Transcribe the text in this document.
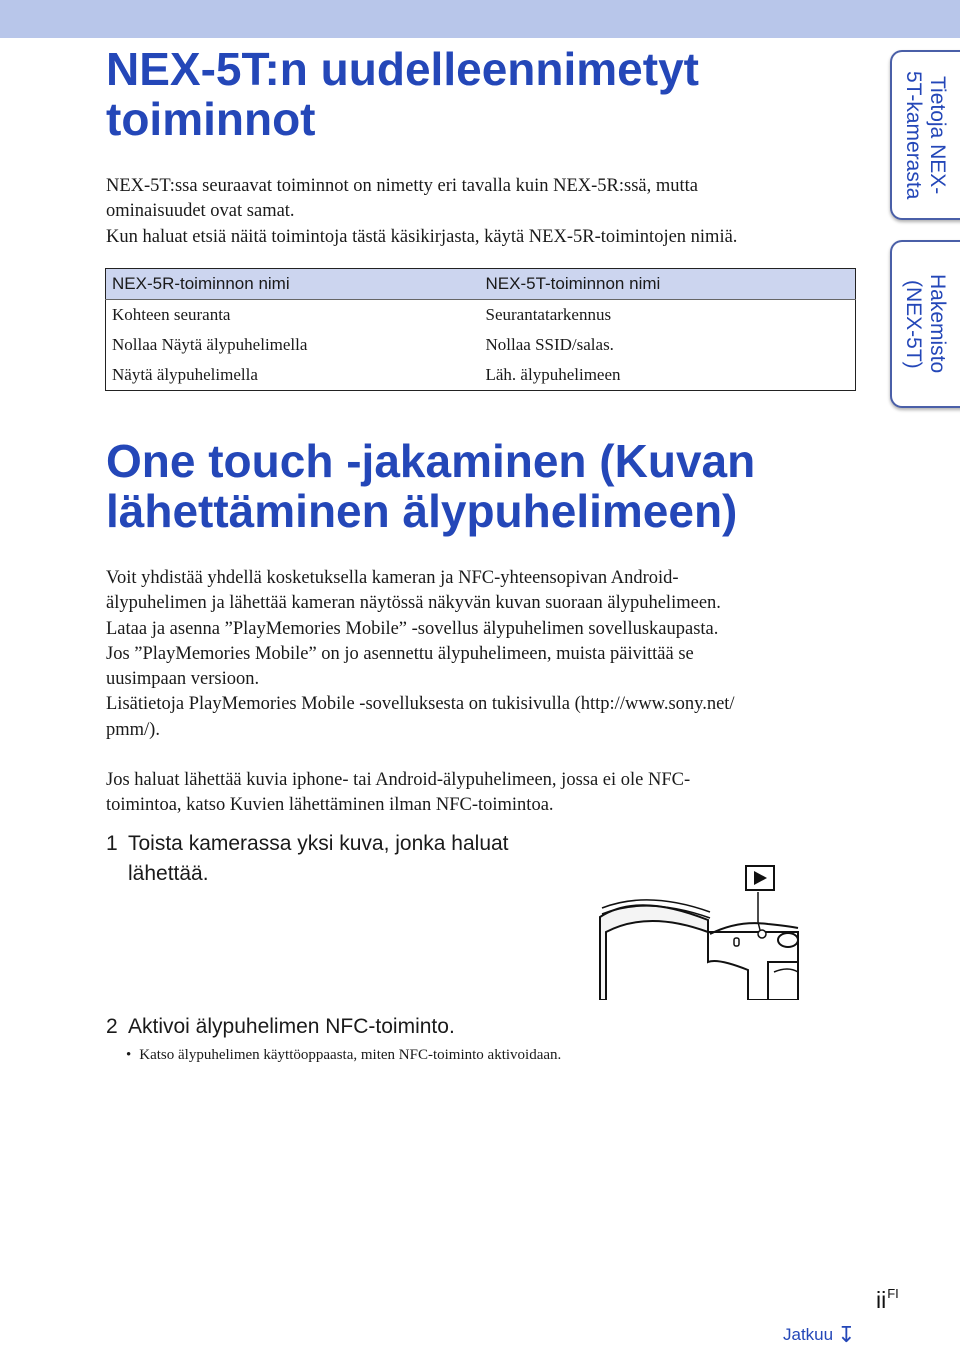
NEX-5T:n uudelleennimetyt
toiminnot

NEX-5T:ssa seuraavat toiminnot on nimetty eri tavalla kuin NEX-5R:ssä, mutta
ominaisuudet ovat samat.
Kun haluat etsiä näitä toimintoja tästä käsikirjasta, käytä NEX-5R-toimintojen nimiä.

NEX-5R-toiminnon nimi	NEX-5T-toiminnon nimi
Kohteen seuranta	Seurantatarkennus
Nollaa Näytä älypuhelimella	Nollaa SSID/salas.
Näytä älypuhelimella	Läh. älypuhelimeen
Tietoja NEX-
5T-kamerasta
Hakemisto
(NEX-5T)
One touch -jakaminen (Kuvan
lähettäminen älypuhelimeen)

Voit yhdistää yhdellä kosketuksella kameran ja NFC-yhteensopivan Android-
älypuhelimen ja lähettää kameran näytössä näkyvän kuvan suoraan älypuhelimeen.
Lataa ja asenna ”PlayMemories Mobile” -sovellus älypuhelimen sovelluskaupasta.
Jos ”PlayMemories Mobile” on jo asennettu älypuhelimeen, muista päivittää se
uusimpaan versioon.
Lisätietoja PlayMemories Mobile -sovelluksesta on tukisivulla (http://www.sony.net/
pmm/).

Jos haluat lähettää kuvia iphone- tai Android-älypuhelimeen, jossa ei ole NFC-
toimintoa, katso Kuvien lähettäminen ilman NFC-toimintoa.

1 Toista kamerassa yksi kuva, jonka haluat
lähettää.
2 Aktivoi älypuhelimen NFC-toiminto.

• Katso älypuhelimen käyttöoppaasta, miten NFC-toiminto aktivoidaan.

$ii^{FI}$
Jatkuu ↧
